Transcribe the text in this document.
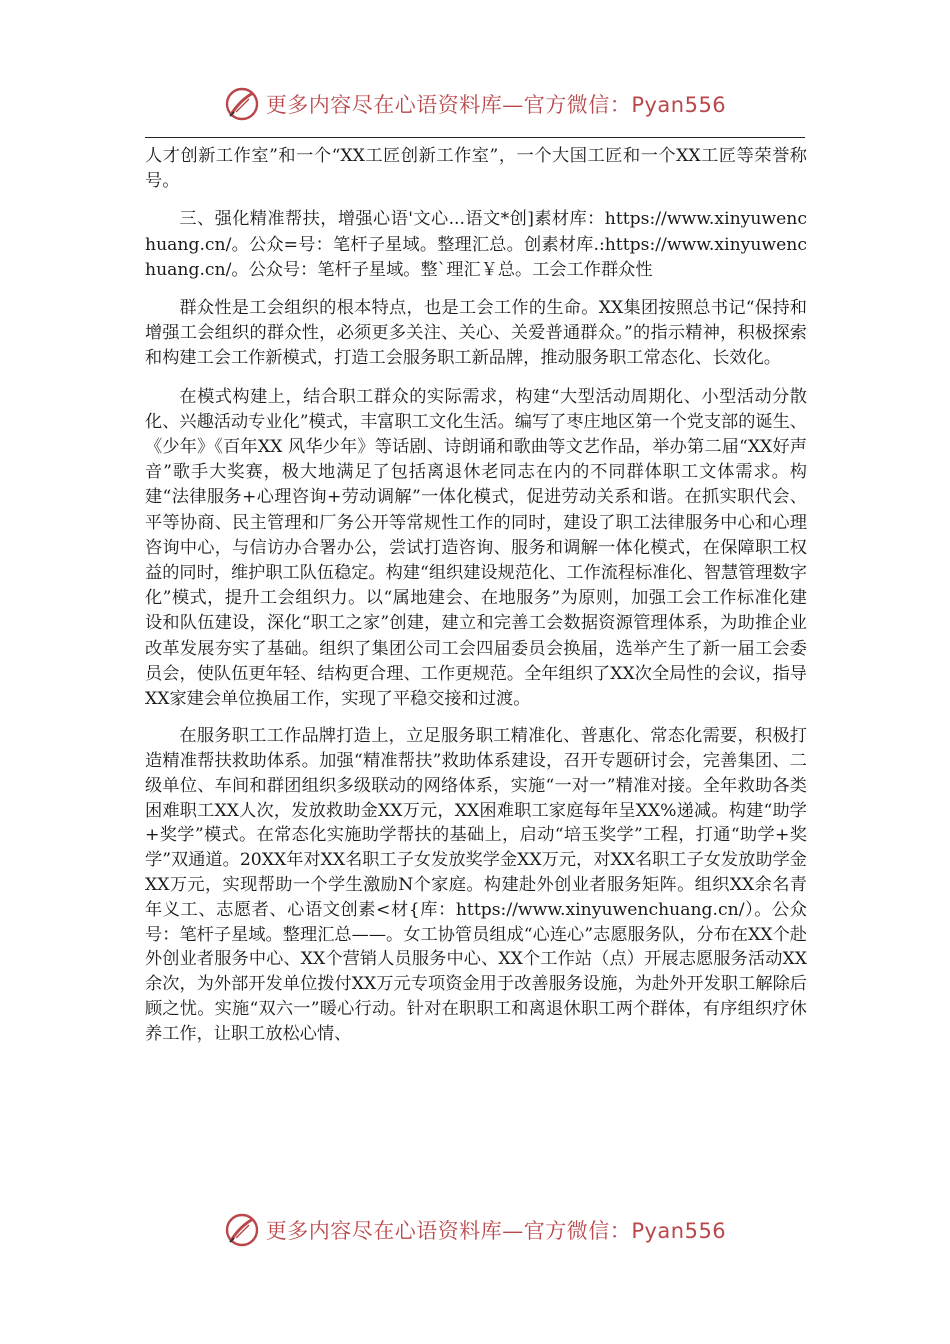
更多内容尽在心语资料库—官方微信：Pyan556

人才创新工作室”和一个“XX工匠创新工作室”，一个大国工匠和一个XX工匠等荣誉称号。

三、强化精准帮扶，增强心语'文心...语文*创]素材库：https://www.xinyuwenchuang.cn/。公众=号：笔杆子星域。整理汇总。创素材库.:https://www.xinyuwenchuang.cn/。公众号：笔杆子星域。整`理汇￥总。工会工作群众性

群众性是工会组织的根本特点，也是工会工作的生命。XX集团按照总书记“保持和增强工会组织的群众性，必须更多关注、关心、关爱普通群众。”的指示精神，积极探索和构建工会工作新模式，打造工会服务职工新品牌，推动服务职工常态化、长效化。

在模式构建上，结合职工群众的实际需求，构建“大型活动周期化、小型活动分散化、兴趣活动专业化”模式，丰富职工文化生活。编写了枣庄地区第一个党支部的诞生、《少年》《百年XX 风华少年》等话剧、诗朗诵和歌曲等文艺作品，举办第二届“XX好声音”歌手大奖赛，极大地满足了包括离退休老同志在内的不同群体职工文体需求。构建“法律服务+心理咨询+劳动调解”一体化模式，促进劳动关系和谐。在抓实职代会、平等协商、民主管理和厂务公开等常规性工作的同时，建设了职工法律服务中心和心理咨询中心，与信访办合署办公，尝试打造咨询、服务和调解一体化模式，在保障职工权益的同时，维护职工队伍稳定。构建“组织建设规范化、工作流程标准化、智慧管理数字化”模式，提升工会组织力。以“属地建会、在地服务”为原则，加强工会工作标准化建设和队伍建设，深化“职工之家”创建，建立和完善工会数据资源管理体系，为助推企业改革发展夯实了基础。组织了集团公司工会四届委员会换届，选举产生了新一届工会委员会，使队伍更年轻、结构更合理、工作更规范。全年组织了XX次全局性的会议，指导XX家建会单位换届工作，实现了平稳交接和过渡。

在服务职工工作品牌打造上，立足服务职工精准化、普惠化、常态化需要，积极打造精准帮扶救助体系。加强“精准帮扶”救助体系建设，召开专题研讨会，完善集团、二级单位、车间和群团组织多级联动的网络体系，实施“一对一”精准对接。全年救助各类困难职工XX人次，发放救助金XX万元，XX困难职工家庭每年呈XX%递减。构建“助学+奖学”模式。在常态化实施助学帮扶的基础上，启动“培玉奖学”工程，打通“助学+奖学”双通道。20XX年对XX名职工子女发放奖学金XX万元，对XX名职工子女发放助学金XX万元，实现帮助一个学生激励N个家庭。构建赴外创业者服务矩阵。组织XX余名青年义工、志愿者、心语文创素<材{库：https://www.xinyuwenchuang.cn/）。公众号：笔杆子星域。整理汇总——。女工协管员组成“心连心”志愿服务队，分布在XX个赴外创业者服务中心、XX个营销人员服务中心、XX个工作站（点）开展志愿服务活动XX余次，为外部开发单位拨付XX万元专项资金用于改善服务设施，为赴外开发职工解除后顾之忧。实施“双六一”暖心行动。针对在职职工和离退休职工两个群体，有序组织疗休养工作，让职工放松心情、

更多内容尽在心语资料库—官方微信：Pyan556
